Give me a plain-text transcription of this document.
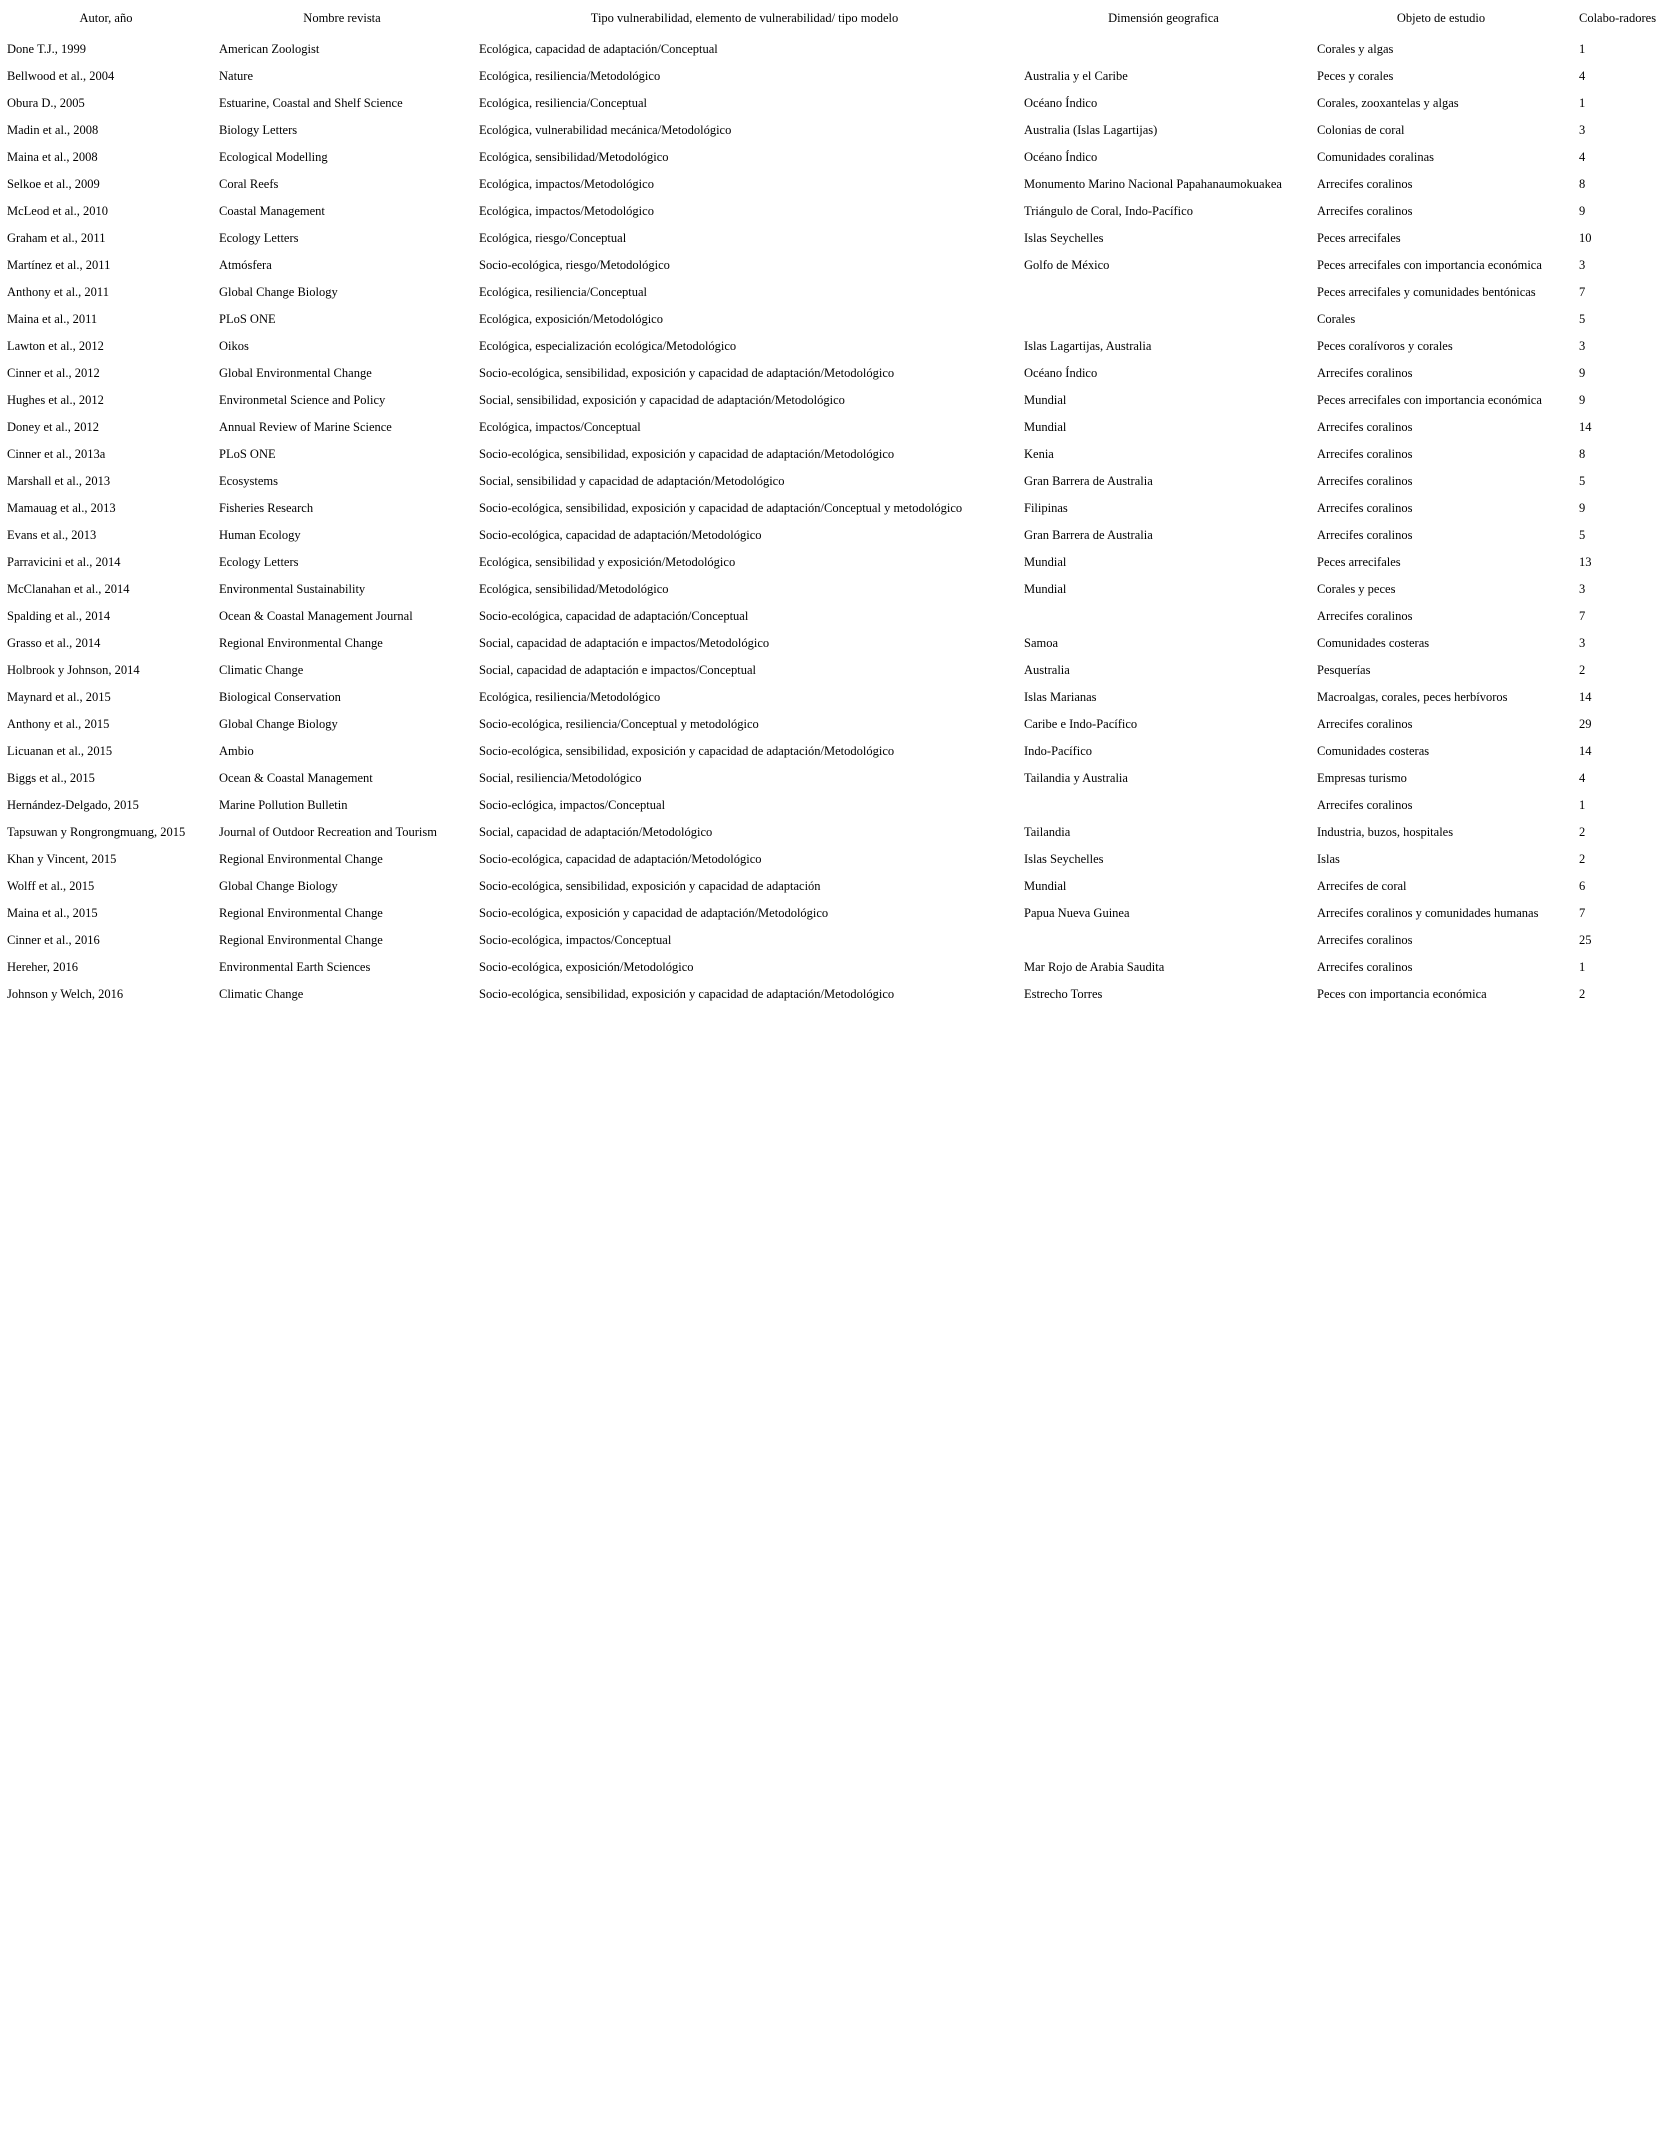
Autor, año	Nombre revista	Tipo vulnerabilidad, elemento de vulnerabilidad/ tipo modelo	Dimensión geografica	Objeto de estudio	Colabo-radores
Done T.J., 1999	American Zoologist	Ecológica, capacidad de adaptación/Conceptual		Corales y algas	1
Bellwood et al., 2004	Nature	Ecológica, resiliencia/Metodológico	Australia y el Caribe	Peces y corales	4
Obura D., 2005	Estuarine, Coastal and Shelf Science	Ecológica, resiliencia/Conceptual	Océano Índico	Corales, zooxantelas y algas	1
Madin et al., 2008	Biology Letters	Ecológica, vulnerabilidad mecánica/Metodológico	Australia (Islas Lagartijas)	Colonias de coral	3
Maina et al., 2008	Ecological Modelling	Ecológica, sensibilidad/Metodológico	Océano Índico	Comunidades coralinas	4
Selkoe et al., 2009	Coral Reefs	Ecológica, impactos/Metodológico	Monumento Marino Nacional Papahanaumokuakea	Arrecifes coralinos	8
McLeod et al., 2010	Coastal Management	Ecológica, impactos/Metodológico	Triángulo de Coral, Indo-Pacífico	Arrecifes coralinos	9
Graham et al., 2011	Ecology Letters	Ecológica, riesgo/Conceptual	Islas Seychelles	Peces arrecifales	10
Martínez et al., 2011	Atmósfera	Socio-ecológica, riesgo/Metodológico	Golfo de México	Peces arrecifales con importancia económica	3
Anthony et al., 2011	Global Change Biology	Ecológica, resiliencia/Conceptual		Peces arrecifales y comunidades bentónicas	7
Maina et al., 2011	PLoS ONE	Ecológica, exposición/Metodológico		Corales	5
Lawton et al., 2012	Oikos	Ecológica, especialización ecológica/Metodológico	Islas Lagartijas, Australia	Peces coralívoros y corales	3
Cinner et al., 2012	Global Environmental Change	Socio-ecológica, sensibilidad, exposición y capacidad de adaptación/Metodológico	Océano Índico	Arrecifes coralinos	9
Hughes et al., 2012	Environmetal Science and Policy	Social, sensibilidad, exposición y capacidad de adaptación/Metodológico	Mundial	Peces arrecifales con importancia económica	9
Doney et al., 2012	Annual Review of Marine Science	Ecológica, impactos/Conceptual	Mundial	Arrecifes coralinos	14
Cinner et al., 2013a	PLoS ONE	Socio-ecológica, sensibilidad, exposición y capacidad de adaptación/Metodológico	Kenia	Arrecifes coralinos	8
Marshall et al., 2013	Ecosystems	Social, sensibilidad y capacidad de adaptación/Metodológico	Gran Barrera de Australia	Arrecifes coralinos	5
Mamauag et al., 2013	Fisheries Research	Socio-ecológica, sensibilidad, exposición y capacidad de adaptación/Conceptual y metodológico	Filipinas	Arrecifes coralinos	9
Evans et al., 2013	Human Ecology	Socio-ecológica, capacidad de adaptación/Metodológico	Gran Barrera de Australia	Arrecifes coralinos	5
Parravicini et al., 2014	Ecology Letters	Ecológica, sensibilidad y exposición/Metodológico	Mundial	Peces arrecifales	13
McClanahan et al., 2014	Environmental Sustainability	Ecológica, sensibilidad/Metodológico	Mundial	Corales y peces	3
Spalding et al., 2014	Ocean & Coastal Management Journal	Socio-ecológica, capacidad de adaptación/Conceptual		Arrecifes coralinos	7
Grasso et al., 2014	Regional Environmental Change	Social, capacidad de adaptación e impactos/Metodológico	Samoa	Comunidades costeras	3
Holbrook y Johnson, 2014	Climatic Change	Social, capacidad de adaptación e impactos/Conceptual	Australia	Pesquerías	2
Maynard et al., 2015	Biological Conservation	Ecológica, resiliencia/Metodológico	Islas Marianas	Macroalgas, corales, peces herbívoros	14
Anthony et al., 2015	Global Change Biology	Socio-ecológica, resiliencia/Conceptual y metodológico	Caribe e Indo-Pacífico	Arrecifes coralinos	29
Licuanan et al., 2015	Ambio	Socio-ecológica, sensibilidad, exposición y capacidad de adaptación/Metodológico	Indo-Pacífico	Comunidades costeras	14
Biggs et al., 2015	Ocean & Coastal Management	Social, resiliencia/Metodológico	Tailandia y Australia	Empresas turismo	4
Hernández-Delgado, 2015	Marine Pollution Bulletin	Socio-eclógica, impactos/Conceptual		Arrecifes coralinos	1
Tapsuwan y Rongrongmuang, 2015	Journal of Outdoor Recreation and Tourism	Social, capacidad de adaptación/Metodológico	Tailandia	Industria, buzos, hospitales	2
Khan y Vincent, 2015	Regional Environmental Change	Socio-ecológica, capacidad de adaptación/Metodológico	Islas Seychelles	Islas	2
Wolff et al., 2015	Global Change Biology	Socio-ecológica, sensibilidad, exposición y capacidad de adaptación	Mundial	Arrecifes de coral	6
Maina et al., 2015	Regional Environmental Change	Socio-ecológica, exposición y capacidad de adaptación/Metodológico	Papua Nueva Guinea	Arrecifes coralinos y comunidades humanas	7
Cinner et al., 2016	Regional Environmental Change	Socio-ecológica, impactos/Conceptual		Arrecifes coralinos	25
Hereher, 2016	Environmental Earth Sciences	Socio-ecológica, exposición/Metodológico	Mar Rojo de Arabia Saudita	Arrecifes coralinos	1
Johnson y Welch, 2016	Climatic Change	Socio-ecológica, sensibilidad, exposición y capacidad de adaptación/Metodológico	Estrecho Torres	Peces con importancia económica	2
